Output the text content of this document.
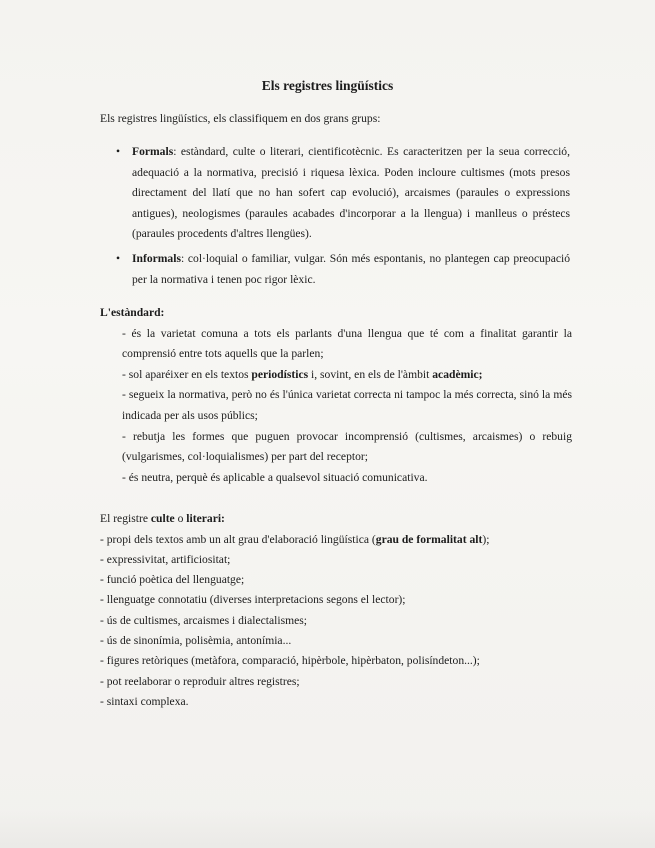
Els registres lingüístics
Els registres lingüístics, els classifiquem en dos grans grups:
• Formals: estàndard, culte o literari, cientificotècnic. Es caracteritzen per la seua correcció, adequació a la normativa, precisió i riquesa lèxica. Poden incloure cultismes (mots presos directament del llatí que no han sofert cap evolució), arcaismes (paraules o expressions antigues), neologismes (paraules acabades d'incorporar a la llengua) i manlleus o préstecs (paraules procedents d'altres llengües).
• Informals: col·loquial o familiar, vulgar. Són més espontanis, no plantegen cap preocupació per la normativa i tenen poc rigor lèxic.
L'estàndard:
- és la varietat comuna a tots els parlants d'una llengua que té com a finalitat garantir la comprensió entre tots aquells que la parlen;
- sol aparéixer en els textos periodístics i, sovint, en els de l'àmbit acadèmic;
- segueix la normativa, però no és l'única varietat correcta ni tampoc la més correcta, sinó la més indicada per als usos públics;
- rebutja les formes que puguen provocar incomprensió (cultismes, arcaismes) o rebuig (vulgarismes, col·loquialismes) per part del receptor;
- és neutra, perquè és aplicable a qualsevol situació comunicativa.
El registre culte o literari:
- propi dels textos amb un alt grau d'elaboració lingüística (grau de formalitat alt);
- expressivitat, artificiositat;
- funció poètica del llenguatge;
- llenguatge connotatiu (diverses interpretacions segons el lector);
- ús de cultismes, arcaismes i dialectalismes;
- ús de sinonímia, polisèmia, antonímia...
- figures retòriques (metàfora, comparació, hipèrbole, hipèrbaton, polisíndeton...);
- pot reelaborar o reproduir altres registres;
- sintaxi complexa.
